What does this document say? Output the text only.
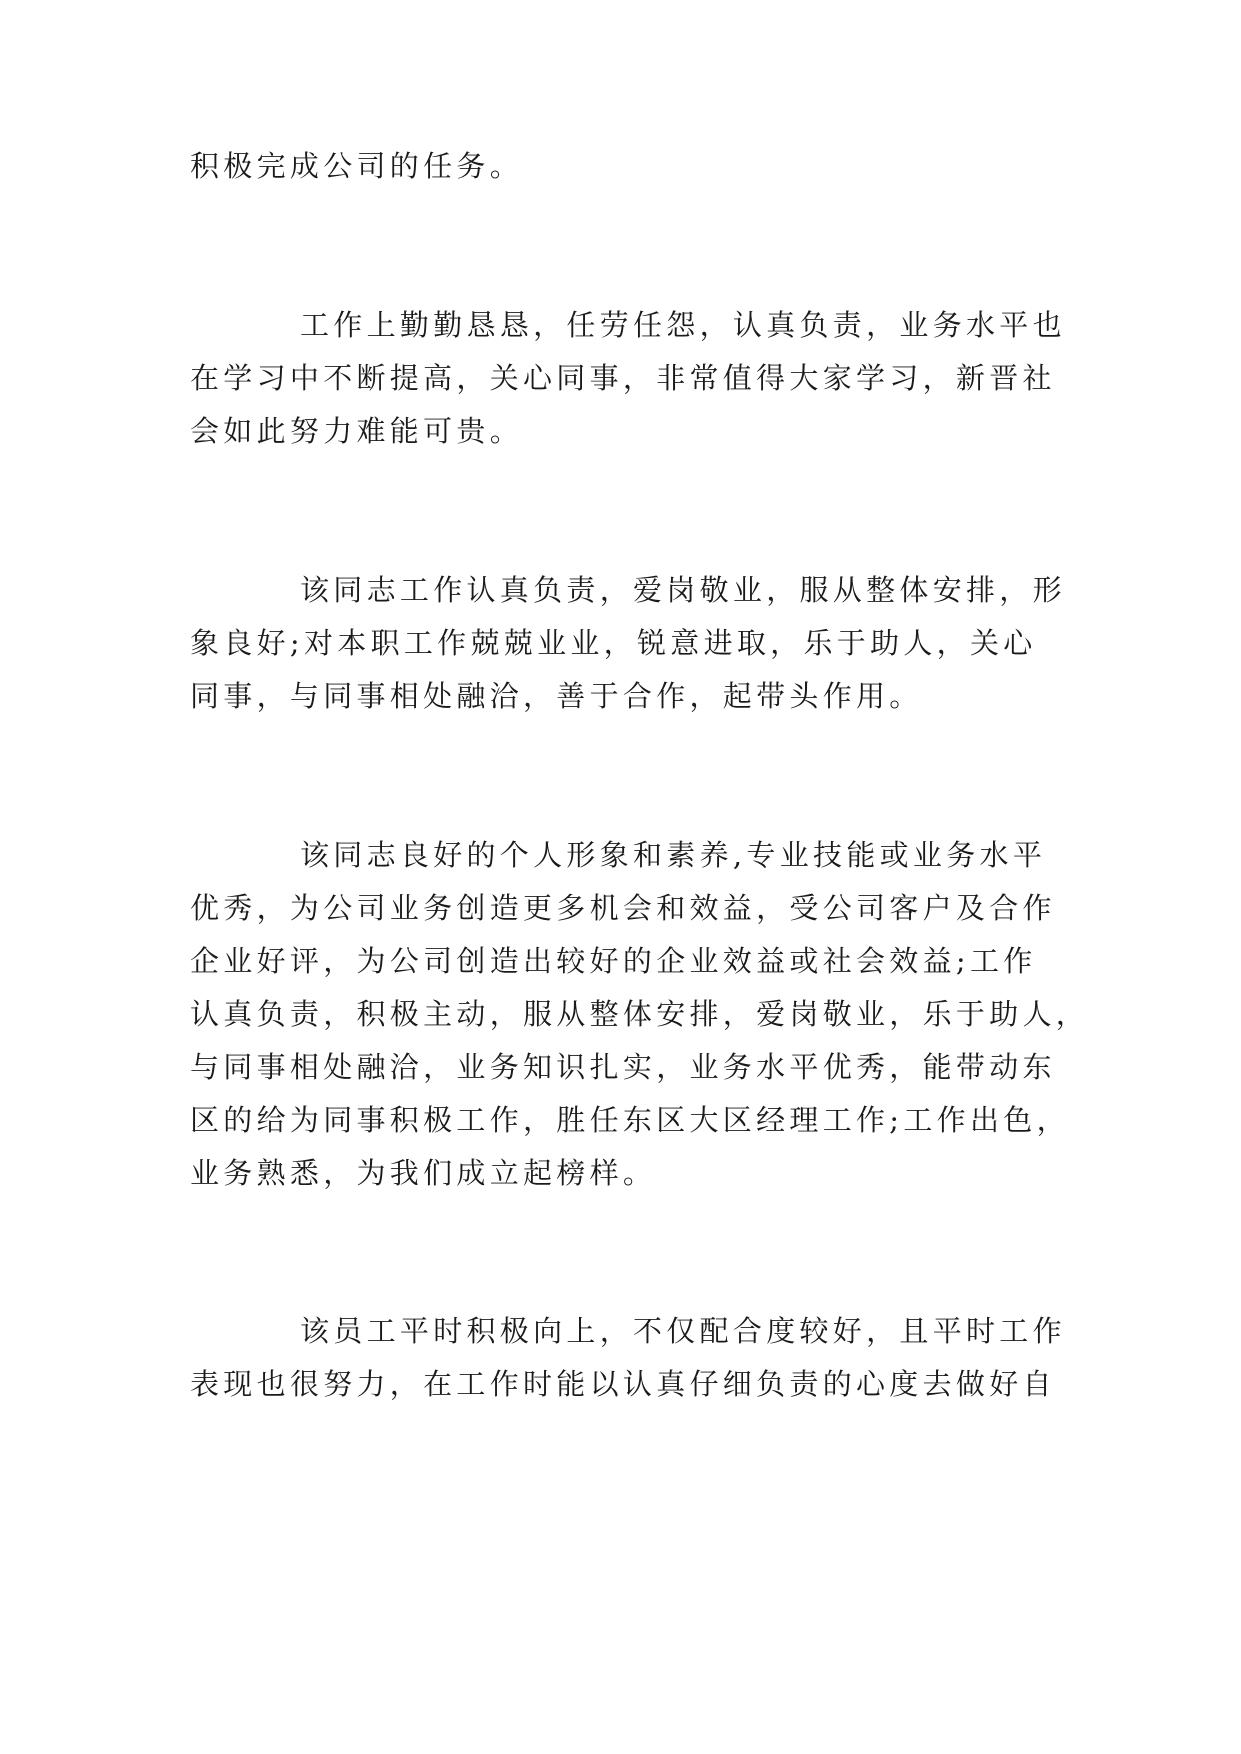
积极完成公司的任务。
工作上勤勤恳恳，任劳任怨，认真负责，业务水平也
在学习中不断提高，关心同事，非常值得大家学习，新晋社
会如此努力难能可贵。
该同志工作认真负责，爱岗敬业，服从整体安排，形
象良好;对本职工作兢兢业业，锐意进取，乐于助人，关心
同事，与同事相处融洽，善于合作，起带头作用。
该同志良好的个人形象和素养,专业技能或业务水平
优秀，为公司业务创造更多机会和效益，受公司客户及合作
企业好评，为公司创造出较好的企业效益或社会效益;工作
认真负责，积极主动，服从整体安排，爱岗敬业，乐于助人，
与同事相处融洽，业务知识扎实，业务水平优秀，能带动东
区的给为同事积极工作，胜任东区大区经理工作;工作出色，
业务熟悉，为我们成立起榜样。
该员工平时积极向上，不仅配合度较好，且平时工作
表现也很努力，在工作时能以认真仔细负责的心度去做好自
